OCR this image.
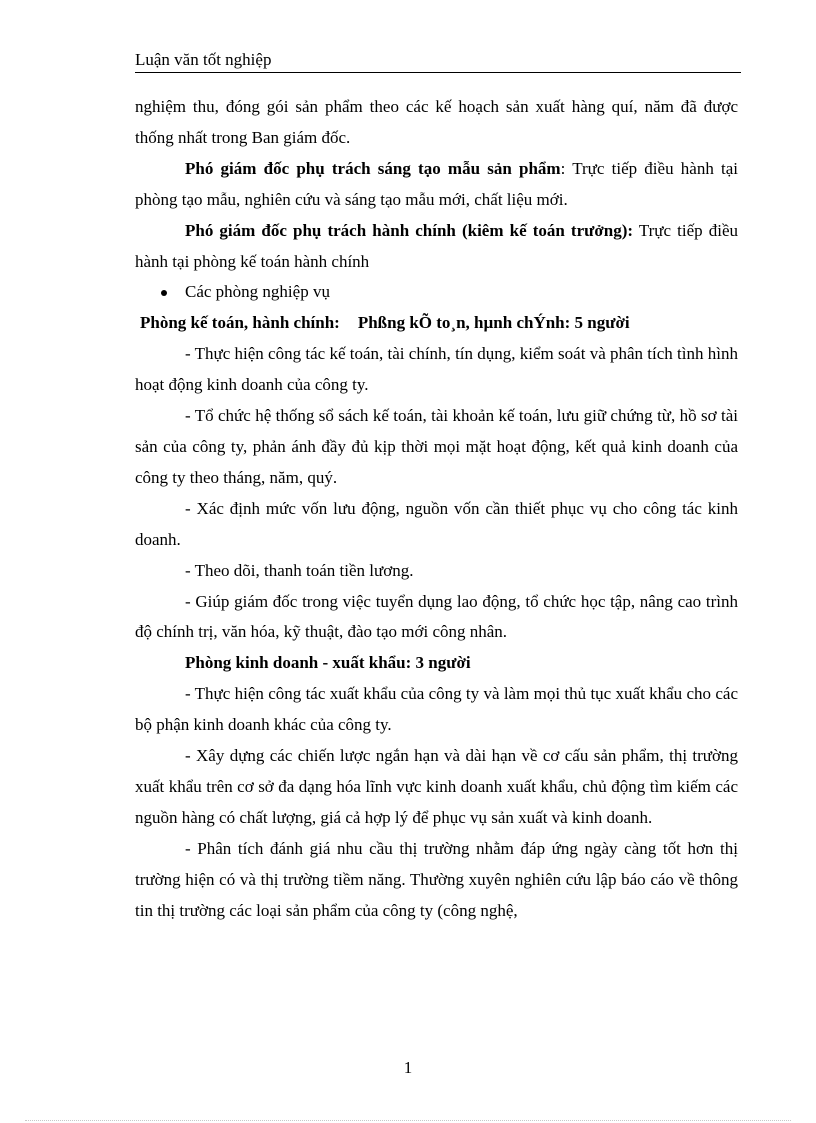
Luận văn tốt nghiệp

nghiệm thu, đóng gói sản phẩm theo các kế hoạch sản xuất hàng quí, năm đã được thống nhất trong Ban giám đốc.

Phó giám đốc phụ trách sáng tạo mẫu sản phẩm: Trực tiếp điều hành tại phòng tạo mẫu, nghiên cứu và sáng tạo mẫu mới, chất liệu mới.

Phó giám đốc phụ trách hành chính (kiêm kế toán trưởng): Trực tiếp điều hành tại phòng kế toán hành chính

Các phòng nghiệp vụ

Phòng kế toán, hành chính: Phßng kÕ to¸n, hµnh chÝnh: 5 người

- Thực hiện công tác kế toán, tài chính, tín dụng, kiểm soát và phân tích tình hình hoạt động kinh doanh của công ty.

- Tổ chức hệ thống sổ sách kế toán, tài khoản kế toán, lưu giữ chứng từ, hồ sơ tài sản của công ty, phản ánh đầy đủ kịp thời mọi mặt hoạt động, kết quả kinh doanh của công ty theo tháng, năm, quý.

- Xác định mức vốn lưu động, nguồn vốn cần thiết phục vụ cho công tác kinh doanh.

- Theo dõi, thanh toán tiền lương.

- Giúp giám đốc trong việc tuyển dụng lao động, tổ chức học tập, nâng cao trình độ chính trị, văn hóa, kỹ thuật, đào tạo mới công nhân.

Phòng kinh doanh - xuất khẩu: 3 người

- Thực hiện công tác xuất khẩu của công ty và làm mọi thủ tục xuất khẩu cho các bộ phận kinh doanh khác của công ty.

- Xây dựng các chiến lược ngắn hạn và dài hạn về cơ cấu sản phẩm, thị trường xuất khẩu trên cơ sở đa dạng hóa lĩnh vực kinh doanh xuất khẩu, chủ động tìm kiếm các nguồn hàng có chất lượng, giá cả hợp lý để phục vụ sản xuất và kinh doanh.

- Phân tích đánh giá nhu cầu thị trường nhằm đáp ứng ngày càng tốt hơn thị trường hiện có và thị trường tiềm năng. Thường xuyên nghiên cứu lập báo cáo về thông tin thị trường các loại sản phẩm của công ty (công nghệ,

1
